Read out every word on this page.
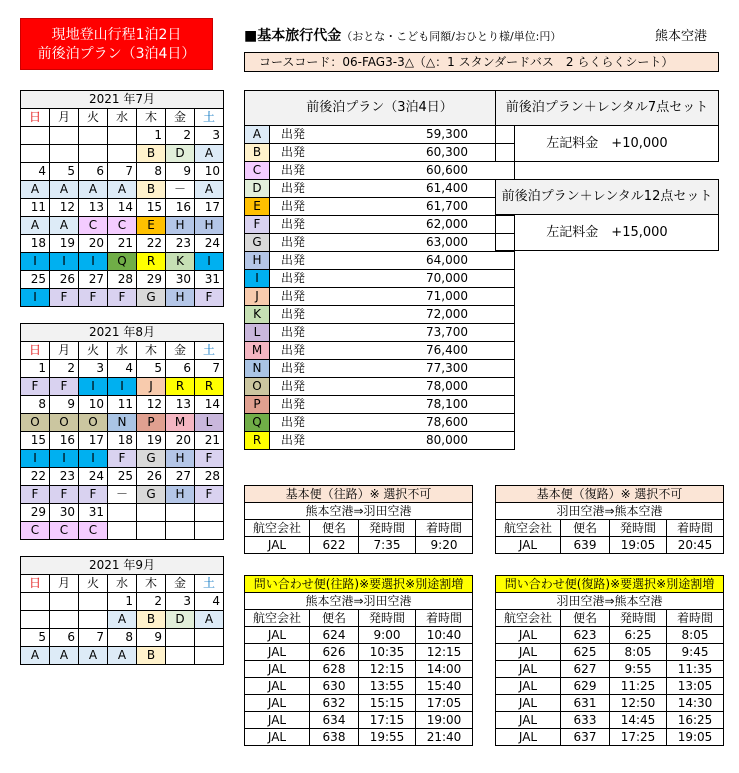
現地登山行程1泊2日
前後泊プラン（3泊4日）
■基本旅行代金（おとな・こども同額/おひとり様/単位:円）	熊本空港
コースコード：06-FAG3-3△（△：1 スタンダードバス　2 らくらくシート）
2021 年7月						
日	月	火	水	木	金	土
				1	2	3
				B	D	A
4	5	6	7	8	9	10
A	A	A	A	B	－	A
11	12	13	14	15	16	17
A	A	C	C	E	H	H
18	19	20	21	22	23	24
I	I	I	Q	R	K	I
25	26	27	28	29	30	31
I	F	F	F	G	H	F
2021 年8月						
日	月	火	水	木	金	土
1	2	3	4	5	6	7
F	F	I	I	J	R	R
8	9	10	11	12	13	14
O	O	O	N	P	M	L
15	16	17	18	19	20	21
I	I	I	F	G	H	F
22	23	24	25	26	27	28
F	F	F	－	G	H	F
29	30	31				
C	C	C				
2021 年9月						
日	月	火	水	木	金	土
			1	2	3	4
			A	B	D	A
5	6	7	8	9		
A	A	A	A	B		
前後泊プラン（3泊4日）		
A	出発	59,300
B	出発	60,300
C	出発	60,600
D	出発	61,400
E	出発	61,700
F	出発	62,000
G	出発	63,000
H	出発	64,000
I	出発	70,000
J	出発	71,000
K	出発	72,000
L	出発	73,700
M	出発	76,400
N	出発	77,300
O	出発	78,000
P	出発	78,100
Q	出発	78,600
R	出発	80,000
前後泊プラン＋レンタル7点セット
左記料金　+10,000
前後泊プラン＋レンタル12点セット
左記料金　+15,000
基本便（往路）※ 選択不可			
熊本空港⇒羽田空港			
航空会社	便名	発時間	着時間
JAL	622	7:35	9:20
基本便（復路）※ 選択不可			
羽田空港⇒熊本空港			
航空会社	便名	発時間	着時間
JAL	639	19:05	20:45
問い合わせ便(往路)※要選択※別途割増			
熊本空港⇒羽田空港			
航空会社	便名	発時間	着時間
JAL	624	9:00	10:40
JAL	626	10:35	12:15
JAL	628	12:15	14:00
JAL	630	13:55	15:40
JAL	632	15:15	17:05
JAL	634	17:15	19:00
JAL	638	19:55	21:40
問い合わせ便(復路)※要選択※別途割増			
羽田空港⇒熊本空港			
航空会社	便名	発時間	着時間
JAL	623	6:25	8:05
JAL	625	8:05	9:45
JAL	627	9:55	11:35
JAL	629	11:25	13:05
JAL	631	12:50	14:30
JAL	633	14:45	16:25
JAL	637	17:25	19:05
